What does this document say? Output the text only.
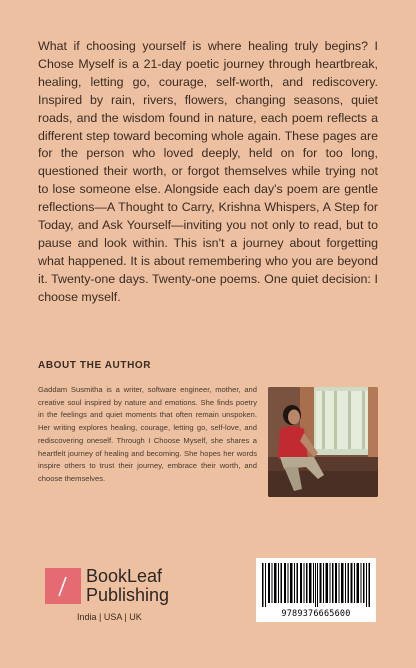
What if choosing yourself is where healing truly begins? I Chose Myself is a 21-day poetic journey through heartbreak, healing, letting go, courage, self-worth, and rediscovery. Inspired by rain, rivers, flowers, changing seasons, quiet roads, and the wisdom found in nature, each poem reflects a different step toward becoming whole again. These pages are for the person who loved deeply, held on for too long, questioned their worth, or forgot themselves while trying not to lose someone else. Alongside each day's poem are gentle reflections—A Thought to Carry, Krishna Whispers, A Step for Today, and Ask Yourself—inviting you not only to read, but to pause and look within. This isn't a journey about forgetting what happened. It is about remembering who you are beyond it. Twenty-one days. Twenty-one poems. One quiet decision: I choose myself.

ABOUT THE AUTHOR

Gaddam Susmitha is a writer, software engineer, mother, and creative soul inspired by nature and emotions. She finds poetry in the feelings and quiet moments that often remain unspoken. Her writing explores healing, courage, letting go, self-love, and rediscovering oneself. Through I Choose Myself, she shares a heartfelt journey of healing and becoming. She hopes her words inspire others to trust their journey, embrace their worth, and choose themselves.

BookLeaf
Publishing
India | USA | UK	9789376665600
